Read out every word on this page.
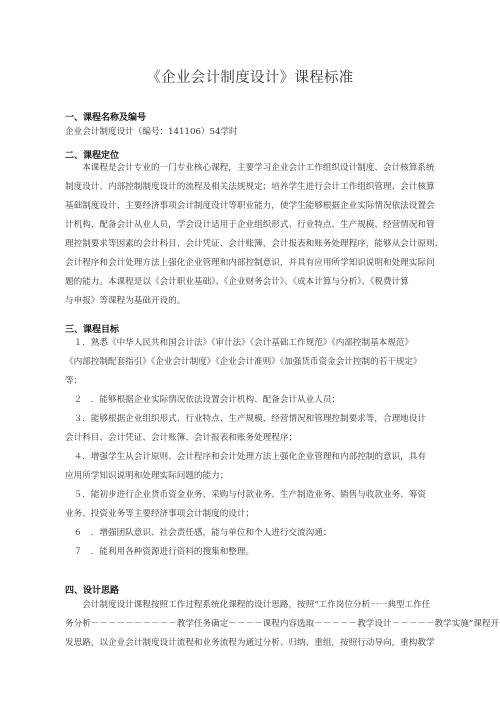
《企业会计制度设计》课程标准
一、课程名称及编号
企业会计制度设计（编号：141106）54学时
二、课程定位
　　本课程是会计专业的一门专业核心课程，主要学习企业会计工作组织设计制度、会计核算系统
制度设计、内部控制制度设计的流程及相关法规规定；培养学生进行会计工作组织管理、会计核算
基础制度设计、主要经济事项会计制度设计等职业能力，使学生能够根据企业实际情况依法设置会
计机构、配备会计从业人员，学会设计适用于企业组织形式、行业特点、生产规模、经营情况和管
理控制要求等因素的会计科目、会计凭证、会计账簿、会计报表和账务处理程序，能够从会计原则、
会计程序和会计处理方法上强化企业管理和内部控制意识，并具有应用所学知识说明和处理实际问
题的能力。本课程是以《会计职业基础》、《企业财务会计》、《成本计算与分析》、《税费计算
与申报》等课程为基础开设的。
三、课程目标
　１．熟悉《中华人民共和国会计法》《审计法》《会计基础工作规范》《内部控制基本规范》
《内部控制配套指引》《企业会计制度》《企业会计准则》《加强货币资金会计控制的若干规定》
等；
　２　．能够根据企业实际情况依法设置会计机构、配备会计从业人员；
　３．能够根据企业组织形式、行业特点、生产规模、经营情况和管理控制要求等，合理地设计
会计科目、会计凭证、会计账簿、会计报表和账务处理程序；
　４．增强学生从会计原则、会计程序和会计处理方法上强化企业管理和内部控制的意识，具有
应用所学知识说明和处理实际问题的能力；
　５．能初步进行企业货币资金业务、采购与付款业务、生产制造业务、销售与收款业务、筹资
业务、投资业务等主要经济事项会计制度的设计；
　６　．增强团队意识、社会责任感，能与单位和个人进行交流沟通；
　７　．能利用各种资源进行资料的搜集和整理。
四、设计思路
　　会计制度设计课程按照工作过程系统化课程的设计思路，按照“工作岗位分析一一典型工作任
务分析－－－－－－－－－－教学任务确定－－－－课程内容选取－－－－－教学设计－－－－－教学实施”课程开
发思路，以企业会计制度设计流程和业务流程为通过分析、归纳、重组，按照行动导向，重构教学
